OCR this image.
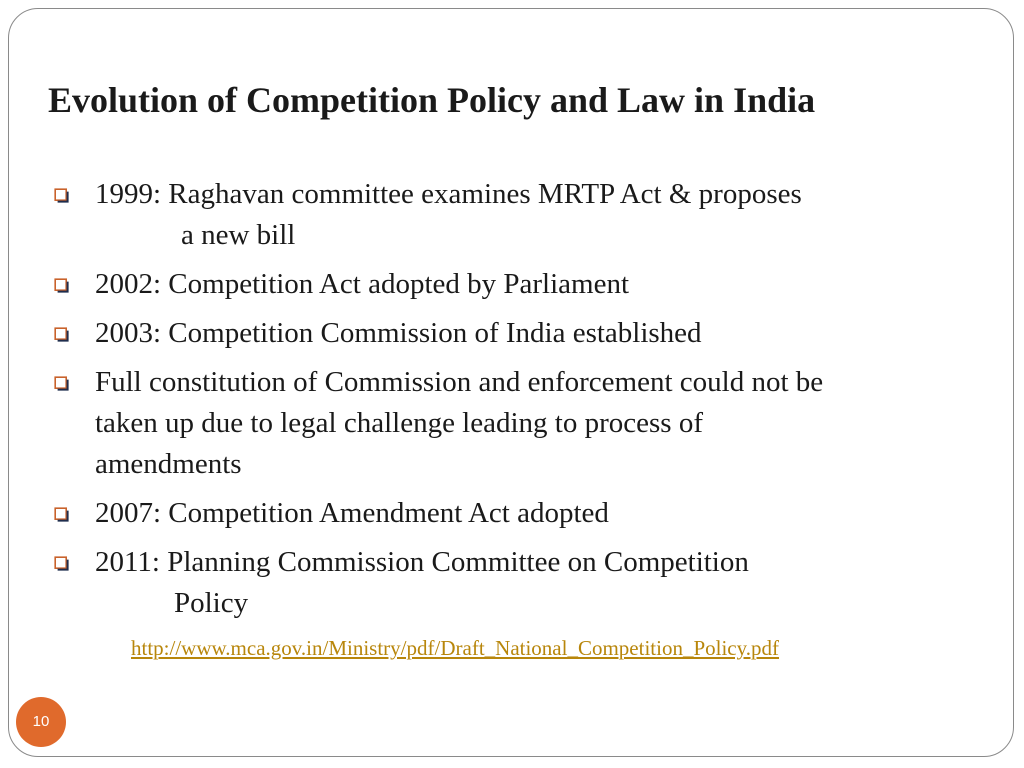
Evolution of Competition Policy and Law in India
1999: Raghavan committee examines MRTP Act & proposes
a new bill
2002: Competition Act adopted by Parliament
2003: Competition Commission of India established
Full constitution of Commission and enforcement could not be
taken up due to legal challenge leading to process of
amendments
2007: Competition Amendment Act adopted
2011: Planning Commission Committee on Competition
Policy
http://www.mca.gov.in/Ministry/pdf/Draft_National_Competition_Policy.pdf
10
